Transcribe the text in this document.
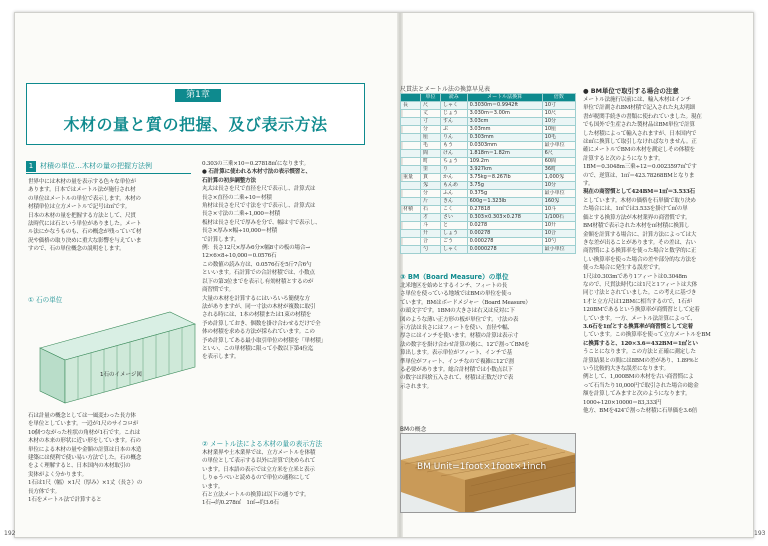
192	193
第1章
木材の量と質の把握、及び表示方法
1 材積の単位…木材の量の把握方法例
世界中には木材の量を表示する色々な単位が
あります。日本ではメートル法が施行され材
の単位はメートルの単位で表示します。木材の
材積単位は立方メートルで記号は㎥です。
日本の木材の量を把握する方法として、尺貫
法時代には石という単位がありました。メート
ル法にかなうものも、石の概念が残っていて材
況や価格の取り決めに重大な影響を与えていま
すので、石の単位概念の説明をします。
① 石の単位
1石のイメージ図
石は計量の概念としては一風変わった長方体
を単位としています。一辺が1尺のサイコロが
10個つながった柱状の角材が1石です。これは
木材の本来の形状に近い形をしています。石の
単位による木材の量や金額の計算は日本の木造
建築には便利で使い易い方法でした。石の概念
をよく理解すると、日本国内の木材取引の
実体がよく分かります。
1石は1尺（幅）×1尺（厚み）×1丈（長さ）の
長方体です。
1石をメートル法で計算すると
0.303の三乗×10＝0.27818㎥になります。
● 石計算に使われる木材寸法の表示慣習と、
石計算の初歩調整方法
丸太は長さを尺で直径を尺で表示し、計算式は
長さ×直径の二乗÷10＝材積
角材は長さを尺で寸法を寸で表示し、計算式は
長さ×寸法の二乗÷1,000＝材積
板材は長さを尺で厚みを分で、幅は寸で表示し、
長さ×厚み×幅÷10,000＝材積
で計算します。
例：長さ12尺×厚み6分×幅8寸の板の場合→
12×6×8÷10,000＝0.0576石
この数値の読み方は、0.0576石を5斤7合6勺
といいます。石計算での合計材積では、小数点
以下の第3位までを表示し有効材積とするのが
商習慣です。
大量の木材を計算するにはいろいろ簡便な方
法がありますが、同一寸法の木材が複数に取引
される時には、1本の材積または1束の材積を
予め計算しておき、個数を掛け合わせるだけで全
体の材積を求める方法が採られています。この
予め計算してある最小取引単位の材積を「単材積」
といい、この単材積に限って小数以下第4位迄
を表示します。
② メートル法による木材の量の表示方法
木材業界や土木業界では、立方メートルを体積
の単位として表示する以外に計算で決められて
います。日本語の表示では立方米を立米と表示
しりゅうべいと読めるので単位の通称にして
います。
石と立法メートルの換算は以下の通りです。
1石→約0.278㎥　1㎥→約3.6石
尺貫法とメートル法の換算早見表
	単位	読み	メートル法換算	倍数
長	尺	しゃく	0.3030m＝0.9942ft	10寸
	丈	じょう	3.030m＝3.00m	10尺
	寸	すん	3.03cm	10分
	分	ぶ	3.03mm	10厘
	厘	りん	0.303mm	10毛
	毛	もう	0.0303mm	最小単位
	間	けん	1.818m＝1.82m	6尺
	町	ちょう	109.2m	60間
	里	り	3.927km	36町
重量	貫	かん	3.75kg＝8.267lb	1,000匁
	匁	もんめ	3.75g	10分
	分	ふん	0.375g	最小単位
	斤	きん	600g＝1.323lb	160匁
材積	石	こく	0.27818	10斗
	才	さい	0.303×0.303×0.278	1/100石
	斗	と	0.0278	10升
	升	しょう	0.00278	10合
	合	ごう	0.000278	10勺
	勺	しゃく	0.0000278	最小単位
③ BM（Board Measure）の単位
北米地区を始めとするインチ、フィートの長
さ単位を使っている地域ではBMの単位を使っ
ています。BMはボードメジャー（Board Measure）
の頭文字です。1BMの大きさは右又は反対に下
図のような薄い正方形の板が単位です。寸法の表
示方法は長さにはフィートを使い、直径や幅、
厚さにはインチを使います。材積の計算は表示寸
法の数字を掛け合わせ計算の後に、12で割ってBMを
算出します。表示単位がフィート、インチで基
準単位がフィート、インチなので複雑に12で割
る必要があります。総合計材積では小数点以下
の数字は四捨五入されて、材積は正数だけで表
示されます。
BMの概念
BM Unit=1foot×1foot×1inch
● BM単位で取引する場合の注意
メートル法施行以前には、輸入木材はインチ
単位で計測されBM材積で記入された丸太明細
書が税関手続きの書類に使われていました。現在
でも国外で生産された製材品はBM単位で計算
した材積によって輸入されますが、日本国内で
は㎥に換算して取引しなければなりません。正
確にメートルでBMの木材を測定しその体積を
計算すると次のようになります。
1BM＝0.3048m三乗÷12＝0.0023597㎥です
ので、逆算は、1㎥＝423.78268BMとなりま
す。
現在の商習慣として424BM＝1㎥＝3.533石
としています。木材の価格を石単価で取り決め
た場合には、1㎥では3.533を掛けて㎥の単
価とする換算方法が木材業界の商習慣です。
BM材積で表示された木材を㎥材積に換算し
金額を計算する場合に、計算方法によっては大
きな差が出ることがあります。その差は、古い
商習慣による換算率を使った場合と数学的に正
しい換算率を使った場合の差や部分的な方法を
使った場合に発生する誤差です。
1尺は0.303mであり1フィートは0.3048m
なので、尺貫法時代には1尺と1フィートは大体
同じ寸法とされていました。この考えに基づき
1才と立方尺は12BMに相当するので、1石が
120BMであるという換算率が商慣習として定着
しています。一方、メートル法計算によって、
3.6石を1㎥とする換算率が商習慣として定着
しています。この換算率を使って立方メートルをBM
に換算すると、120×3.6＝432BM＝1㎥とい
うことになります。この方法と正確に測定した
計算結果との間には8BMの差があり、1.89%と
いう比較的大きな誤差になります。
例として、1,000BMの木材を古い商習慣によ
って石当たり10,000円で取引された場合の総金
額を計算してみますと次のようになります。
1000÷120×10000＝83,333円
他方、BMを424で割った材積に石単価を3.6倍
